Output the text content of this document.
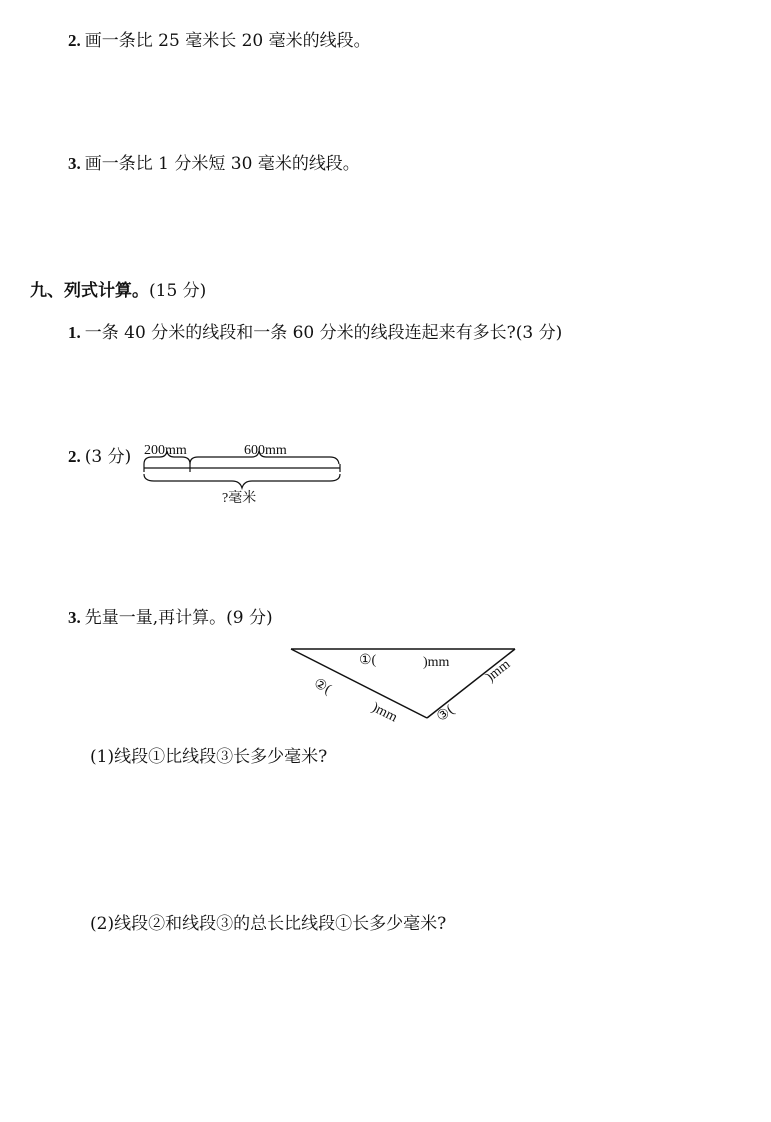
2. 画一条比 25 毫米长 20 毫米的线段。
3. 画一条比 1 分米短 30 毫米的线段。
九、列式计算。(15 分)
1. 一条 40 分米的线段和一条 60 分米的线段连起来有多长?(3 分)
2. (3 分) 200mm	600mm
?毫米
3. 先量一量,再计算。(9 分)
①(	)mm
②(
)mm
)mm
③(
(1)线段①比线段③长多少毫米?
(2)线段②和线段③的总长比线段①长多少毫米?
